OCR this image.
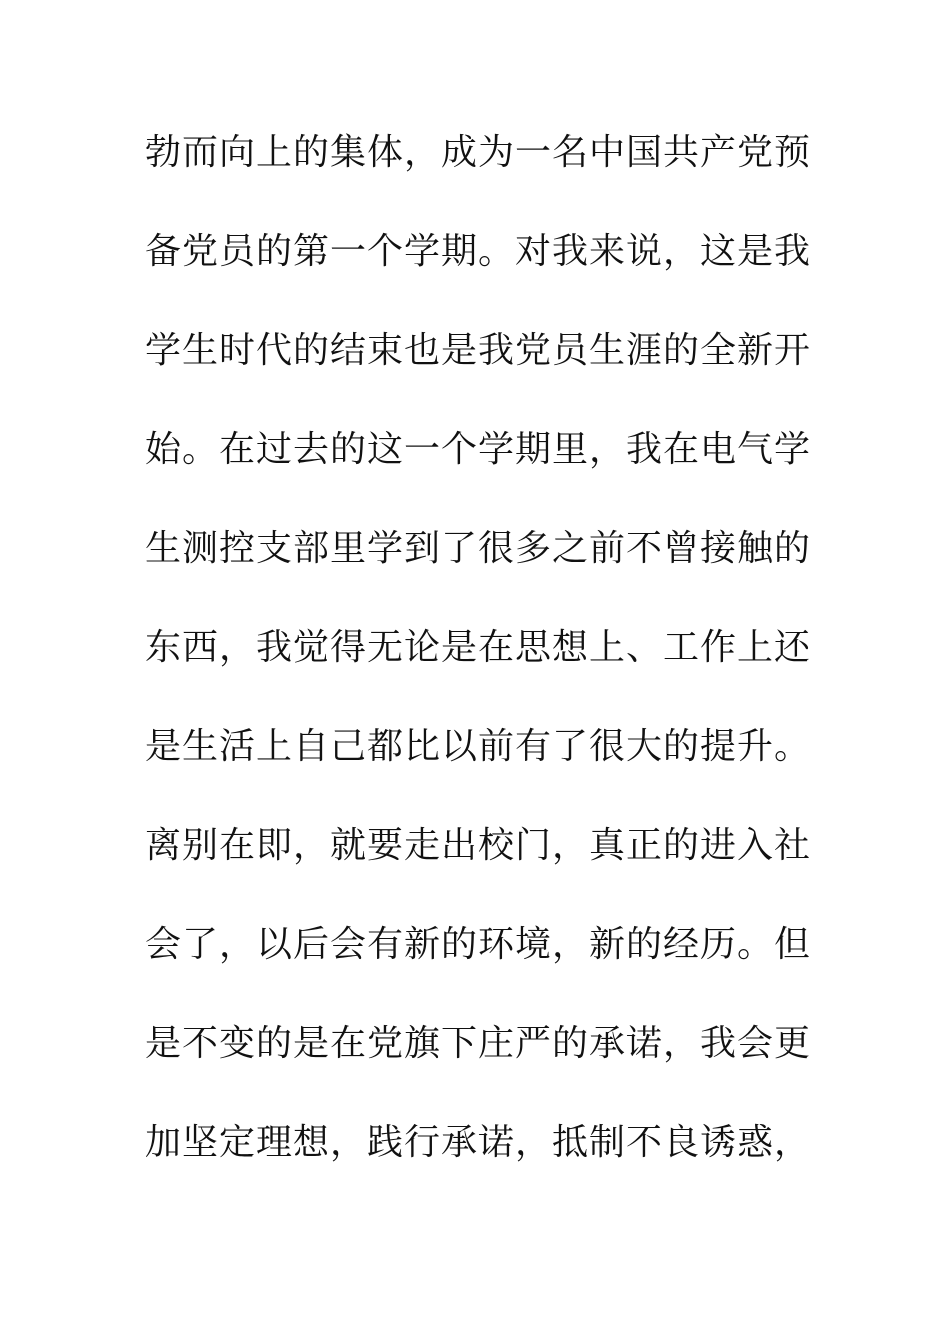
勃而向上的集体，成为一名中国共产党预
备党员的第一个学期。对我来说，这是我
学生时代的结束也是我党员生涯的全新开
始。在过去的这一个学期里，我在电气学
生测控支部里学到了很多之前不曾接触的
东西，我觉得无论是在思想上、工作上还
是生活上自己都比以前有了很大的提升。
离别在即，就要走出校门，真正的进入社
会了，以后会有新的环境，新的经历。但
是不变的是在党旗下庄严的承诺，我会更
加坚定理想，践行承诺，抵制不良诱惑，
